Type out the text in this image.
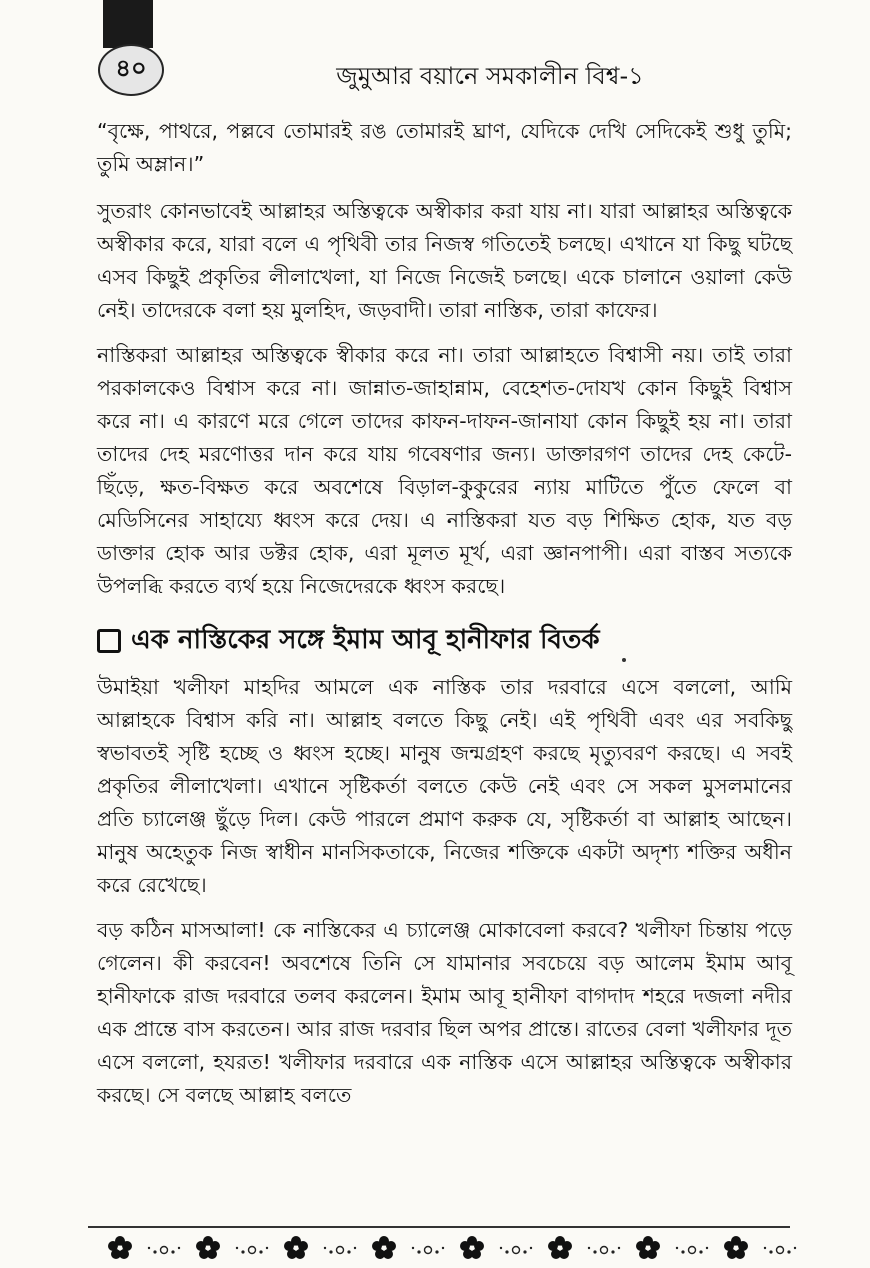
৪০	জুমুআর বয়ানে সমকালীন বিশ্ব-১

“বৃক্ষে, পাথরে, পল্লবে তোমারই রঙ তোমারই ঘ্রাণ, যেদিকে দেখি সেদিকেই শুধু তুমি; তুমি অম্লান।”

সুতরাং কোনভাবেই আল্লাহর অস্তিত্বকে অস্বীকার করা যায় না। যারা আল্লাহর অস্তিত্বকে অস্বীকার করে, যারা বলে এ পৃথিবী তার নিজস্ব গতিতেই চলছে। এখানে যা কিছু ঘটছে এসব কিছুই প্রকৃতির লীলাখেলা, যা নিজে নিজেই চলছে। একে চালানে ওয়ালা কেউ নেই। তাদেরকে বলা হয় মুলহিদ, জড়বাদী। তারা নাস্তিক, তারা কাফের।

নাস্তিকরা আল্লাহর অস্তিত্বকে স্বীকার করে না। তারা আল্লাহতে বিশ্বাসী নয়। তাই তারা পরকালকেও বিশ্বাস করে না। জান্নাত-জাহান্নাম, বেহেশত-দোযখ কোন কিছুই বিশ্বাস করে না। এ কারণে মরে গেলে তাদের কাফন-দাফন-জানাযা কোন কিছুই হয় না। তারা তাদের দেহ মরণোত্তর দান করে যায় গবেষণার জন্য। ডাক্তারগণ তাদের দেহ কেটে-ছিঁড়ে, ক্ষত-বিক্ষত করে অবশেষে বিড়াল-কুকুরের ন্যায় মাটিতে পুঁতে ফেলে বা মেডিসিনের সাহায্যে ধ্বংস করে দেয়। এ নাস্তিকরা যত বড় শিক্ষিত হোক, যত বড় ডাক্তার হোক আর ডক্টর হোক, এরা মূলত মূর্খ, এরা জ্ঞানপাপী। এরা বাস্তব সত্যকে উপলব্ধি করতে ব্যর্থ হয়ে নিজেদেরকে ধ্বংস করছে।

এক নাস্তিকের সঙ্গে ইমাম আবূ হানীফার বিতর্ক

উমাইয়া খলীফা মাহদির আমলে এক নাস্তিক তার দরবারে এসে বললো, আমি আল্লাহকে বিশ্বাস করি না। আল্লাহ বলতে কিছু নেই। এই পৃথিবী এবং এর সবকিছু স্বভাবতই সৃষ্টি হচ্ছে ও ধ্বংস হচ্ছে। মানুষ জন্মগ্রহণ করছে মৃত্যুবরণ করছে। এ সবই প্রকৃতির লীলাখেলা। এখানে সৃষ্টিকর্তা বলতে কেউ নেই এবং সে সকল মুসলমানের প্রতি চ্যালেঞ্জ ছুঁড়ে দিল। কেউ পারলে প্রমাণ করুক যে, সৃষ্টিকর্তা বা আল্লাহ আছেন। মানুষ অহেতুক নিজ স্বাধীন মানসিকতাকে, নিজের শক্তিকে একটা অদৃশ্য শক্তির অধীন করে রেখেছে।

বড় কঠিন মাসআলা! কে নাস্তিকের এ চ্যালেঞ্জ মোকাবেলা করবে? খলীফা চিন্তায় পড়ে গেলেন। কী করবেন! অবশেষে তিনি সে যামানার সবচেয়ে বড় আলেম ইমাম আবূ হানীফাকে রাজ দরবারে তলব করলেন। ইমাম আবূ হানীফা বাগদাদ শহরে দজলা নদীর এক প্রান্তে বাস করতেন। আর রাজ দরবার ছিল অপর প্রান্তে। রাতের বেলা খলীফার দূত এসে বললো, হযরত! খলীফার দরবারে এক নাস্তিক এসে আল্লাহর অস্তিত্বকে অস্বীকার করছে। সে বলছে আল্লাহ বলতে
